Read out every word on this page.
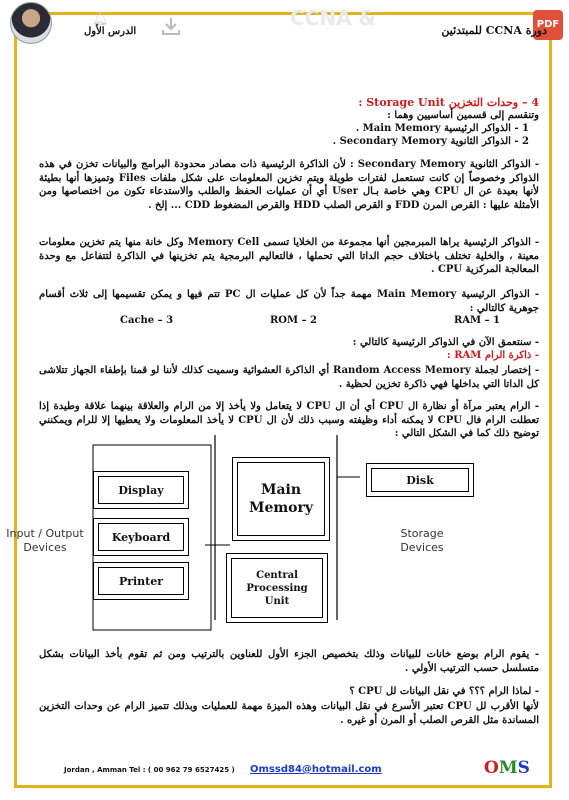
CCNA &
🔔︎	PDF
الدرس الأول	دورة CCNA للمبتدئين
4 – وحدات التخزين Storage Unit :
وتنقسم إلى قسمين أساسيين وهما :
1 - الذواكر الرئيسية Main Memory .
2 - الذواكر الثانوية Secondary Memory .
- الذواكر الثانوية Secondary Memory : لأن الذاكرة الرئيسية ذات مصادر محدودة البرامج والبيانات تخزن في هذه الذواكر وخصوصاً إن كانت تستعمل لفترات طويلة ويتم تخزين المعلومات على شكل ملفات Files وتميزها أنها بطيئة لأنها بعيدة عن ال CPU وهي خاصة بـال User أي أن عمليات الحفظ والطلب والاستدعاء تكون من اختصاصها ومن الأمثلة عليها : القرص المرن FDD و القرص الصلب HDD والقرص المضغوط CDD ... إلخ .
- الذواكر الرئيسية يراها المبرمجين أنها مجموعة من الخلايا تسمى Memory Cell وكل خانة منها يتم تخزين معلومات معينة ، والخلية تختلف باختلاف حجم الداتا التي تحملها ، فالتعاليم البرمجية يتم تخزينها في الذاكرة لتتفاعل مع وحدة المعالجة المركزية CPU .
- الذواكر الرئيسية Main Memory مهمة جداً لأن كل عمليات ال PC تتم فيها و يمكن تقسيمها إلى ثلاث أقسام جوهرية كالتالي :
RAM – 1
ROM – 2
Cache – 3
- سنتعمق الآن في الذواكر الرئيسية كالتالي :
- ذاكرة الرام RAM :
- إختصار لجملة Random Access Memory أي الذاكرة العشوائية وسميت كذلك لأننا لو قمنا بإطفاء الجهاز تتلاشى كل الداتا التي بداخلها فهي ذاكرة تخزين لحظية .
- الرام يعتبر مرآة أو نظارة ال CPU أي أن ال CPU لا يتعامل ولا يأخذ إلا من الرام والعلاقة بينهما علاقة وطيدة إذا تعطلت الرام فال CPU لا يمكنه أداء وظيفته وسبب ذلك لأن ال CPU لا يأخذ المعلومات ولا يعطيها إلا للرام ويمكنني توضيح ذلك كما في الشكل التالي :
Display
Keyboard
Printer
Main Memory
Central Processing Unit
Disk
Input / Output Devices
Storage Devices
- يقوم الرام بوضع خانات للبيانات وذلك بتخصيص الجزء الأول للعناوين بالترتيب ومن ثم تقوم بأخذ البيانات بشكل متسلسل حسب الترتيب الأولي .
- لماذا الرام ؟؟؟ في نقل البيانات لل CPU ؟
لأنها الأقرب لل CPU تعتبر الأسرع في نقل البيانات وهذه الميزة مهمة للعمليات وبذلك تتميز الرام عن وحدات التخزين المساندة مثل القرص الصلب أو المرن أو غيره .
Jordan , Amman Tel : ( 00 962 79 6527425 ) Omssd84@hotmail.com	OMS
